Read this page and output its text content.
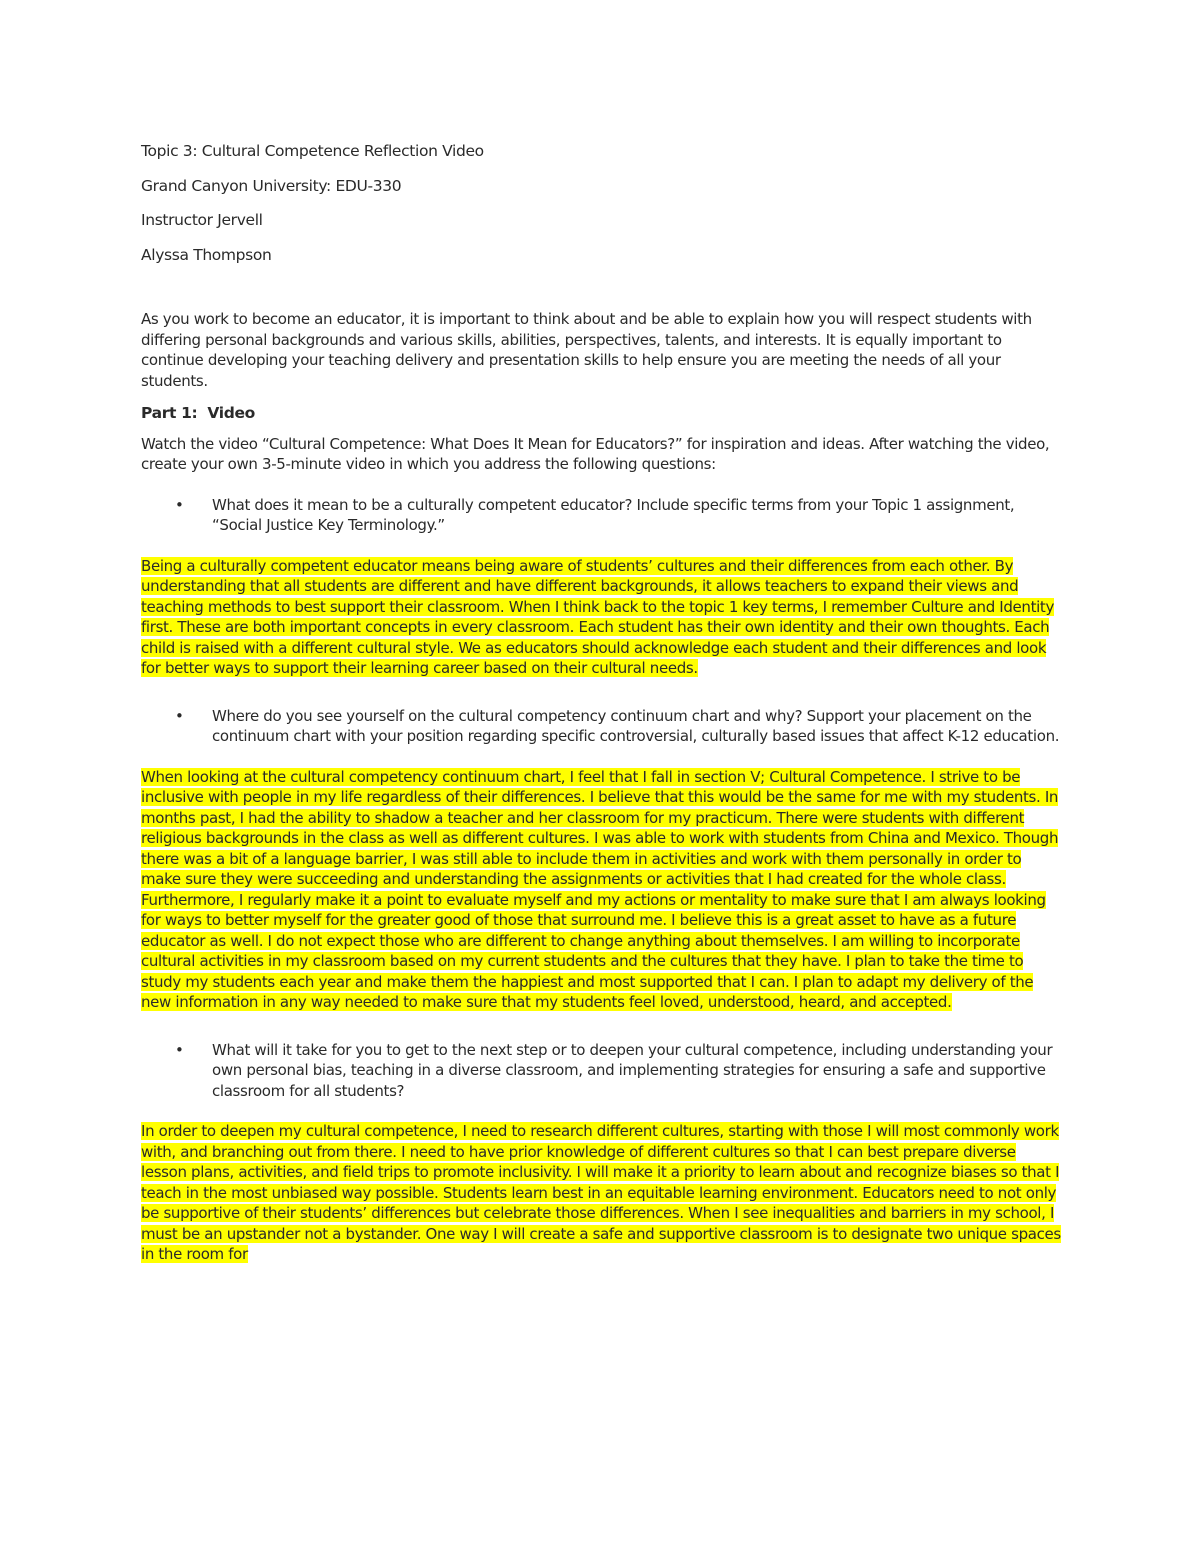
Topic 3: Cultural Competence Reflection Video

Grand Canyon University: EDU-330

Instructor Jervell

Alyssa Thompson

As you work to become an educator, it is important to think about and be able to explain how you will respect students with differing personal backgrounds and various skills, abilities, perspectives, talents, and interests. It is equally important to continue developing your teaching delivery and presentation skills to help ensure you are meeting the needs of all your students.

Part 1: Video

Watch the video “Cultural Competence: What Does It Mean for Educators?” for inspiration and ideas. After watching the video, create your own 3-5-minute video in which you address the following questions:

• What does it mean to be a culturally competent educator? Include specific terms from your Topic 1 assignment, “Social Justice Key Terminology.”

Being a culturally competent educator means being aware of students’ cultures and their differences from each other. By understanding that all students are different and have different backgrounds, it allows teachers to expand their views and teaching methods to best support their classroom. When I think back to the topic 1 key terms, I remember Culture and Identity first. These are both important concepts in every classroom. Each student has their own identity and their own thoughts. Each child is raised with a different cultural style. We as educators should acknowledge each student and their differences and look for better ways to support their learning career based on their cultural needs.

• Where do you see yourself on the cultural competency continuum chart and why? Support your placement on the continuum chart with your position regarding specific controversial, culturally based issues that affect K-12 education.

When looking at the cultural competency continuum chart, I feel that I fall in section V; Cultural Competence. I strive to be inclusive with people in my life regardless of their differences. I believe that this would be the same for me with my students. In months past, I had the ability to shadow a teacher and her classroom for my practicum. There were students with different religious backgrounds in the class as well as different cultures. I was able to work with students from China and Mexico. Though there was a bit of a language barrier, I was still able to include them in activities and work with them personally in order to make sure they were succeeding and understanding the assignments or activities that I had created for the whole class. Furthermore, I regularly make it a point to evaluate myself and my actions or mentality to make sure that I am always looking for ways to better myself for the greater good of those that surround me. I believe this is a great asset to have as a future educator as well. I do not expect those who are different to change anything about themselves. I am willing to incorporate cultural activities in my classroom based on my current students and the cultures that they have. I plan to take the time to study my students each year and make them the happiest and most supported that I can. I plan to adapt my delivery of the new information in any way needed to make sure that my students feel loved, understood, heard, and accepted.

• What will it take for you to get to the next step or to deepen your cultural competence, including understanding your own personal bias, teaching in a diverse classroom, and implementing strategies for ensuring a safe and supportive classroom for all students?

In order to deepen my cultural competence, I need to research different cultures, starting with those I will most commonly work with, and branching out from there. I need to have prior knowledge of different cultures so that I can best prepare diverse lesson plans, activities, and field trips to promote inclusivity. I will make it a priority to learn about and recognize biases so that I teach in the most unbiased way possible. Students learn best in an equitable learning environment. Educators need to not only be supportive of their students’ differences but celebrate those differences. When I see inequalities and barriers in my school, I must be an upstander not a bystander. One way I will create a safe and supportive classroom is to designate two unique spaces in the room for
